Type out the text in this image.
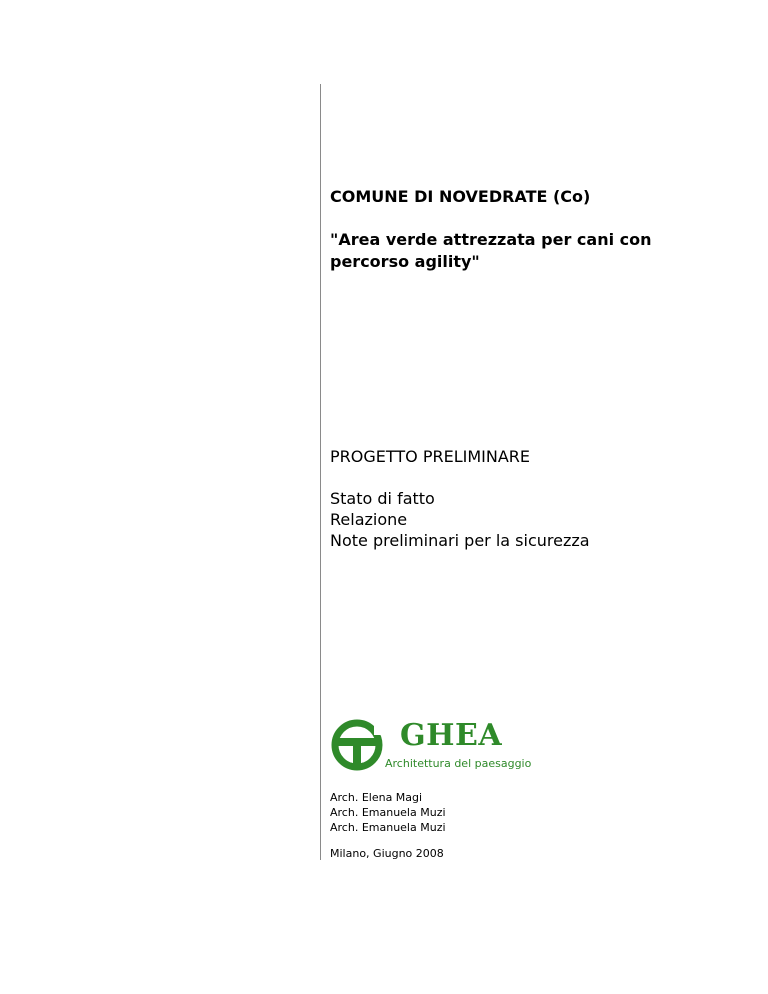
COMUNE DI NOVEDRATE (Co)
"Area verde attrezzata per cani con
percorso agility"
PROGETTO PRELIMINARE
Stato di fatto
Relazione
Note preliminari per la sicurezza
GHEA
Architettura del paesaggio
Arch. Elena Magi
Arch. Emanuela Muzi
Arch. Emanuela Muzi
Milano, Giugno 2008
